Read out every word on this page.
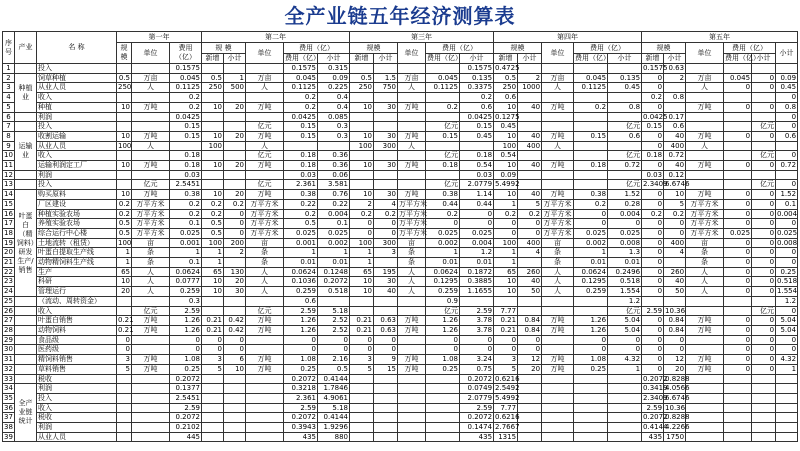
全产业链五年经济测算表
序号	产业	名 称	第一年			第二年					第三年					第四年					第五年						
			规模	单位	费用（亿）	规 模		单位	费用（亿）		规模		单位	费用（亿）		规模		单位	费用（亿）		规模		单位	费用（亿）		小计	
						新增	小计		费用（亿）	小计	新增	小计		费用（亿）	小计	新增	小计		费用（亿）	小计	新增	小计		费用（亿）	小计		
1		投入			0.1575				0.1575	0.315					0.1575	0.4725					0.1575	0.63						
2	种植业	饲草种植	0.5	万亩	0.045	0.5	1	万亩	0.045	0.09	0.5	1.5	万亩	0.045	0.135	0.5	2	万亩	0.045	0.135	0	2	万亩	0.045	0	0.09	
3		从业人员	250	人	0.1125	250	500	人	0.1125	0.225	250	750	人	0.1125	0.3375	250	1000	人	0.1125	0.45	0		人	0	0	0.45	
4		收入			0.2				0.2	0.4					0.2	0.6					0.2	0.8				0	
5		种植	10	万吨	0.2	10	20	万吨	0.2	0.4	10	30	万吨	0.2	0.6	10	40	万吨	0.2	0.8	0		万吨	0	0	0.8	
6		利润			0.0425				0.0425	0.085					0.0425	0.1275					0.0425	0.17				0	
7		投入			0.15			亿元	0.15	0.3				亿元	0.15	0.45				亿元	0.15	0.6			亿元	0	
8	运输业	收割运输	10	万吨	0.15	10	20	万吨	0.15	0.3	10	30	万吨	0.15	0.45	10	40	万吨	0.15	0.6	0	40	万吨	0	0	0.6	
9		从业人员	100	人		100		人			100	300	人			100	400	人			0	400	人				
10		收入			0.18			亿元	0.18	0.36				亿元	0.18	0.54				亿元	0.18	0.72			亿元	0	
11		运输利润定工厂	10	万吨	0.18	10	20	万吨	0.18	0.36	10	30	万吨	0.18	0.54	10	40	万吨	0.18	0.72	0	40	万吨	0	0	0.72	
12		利润			0.03				0.03	0.06					0.03	0.09					0.03	0.12					
13		投入		亿元	2.5451			亿元	2.361	3.581				亿元	2.0779	5.4992				亿元	2.3409	6.6746			亿元	0	
14	叶蛋白（精饲料）研发生产/销售	购买原料	10	万吨	0.38	10	20	万吨	0.38	0.76	10	30	万吨	0.38	1.14	10	40	万吨	0.38	1.52	0	10	万吨	0	0	1.52	
15		厂区建设	0.2	万平方米	0.2	0.2	0.2	万平方米	0.22	0.22	2	4	万平方米	0.44	0.44	1	5	万平方米	0.2	0.28	0	5	万平方米	0	0	0.1	
16		种植实验农场	0.2	万平方米	0.2	0.2	0	万平方米	0.2	0.004	0.2	0.2	万平方米	0.2	0	0.2	0.2	万平方米	0	0.004	0.2	0.2	万平方米	0	0	0.004	
17		养殖实验农场	0.5	万平方米	0.1	0.5	0	万平方米	0.5	0.1	0	0	万平方米	0	0	0	0	万平方米	0	0	0	0	万平方米	0	0	0	
18		综合运行中心楼	0.5	万平方米	0.025	0.5	0	万平方米	0.025	0.025	0	0	万平方米	0.025	0.025	0	0	万平方米	0.025	0.025	0	0	万平方米	0.025	0	0.025	
19		土地流转（租赁）	100	亩	0.001	100	200	亩	0.001	0.002	100	300	亩	0.002	0.004	100	400	亩	0.002	0.008	0	400	亩	0	0	0.008	
20		叶蛋白提取生产线	1	条	1	1	2	条	1	1	1	3	条	1	1.2	1	4	条	1	1.3	0	4	条	0	0	0	
21		动物精饲料生产线	1	条	0.1	1		条	0.01	0.01	1		条	0.01	0.01	1		条	0.01	0.01	0		条	0	0	0	
22		生产	65	人	0.0624	65	130	人	0.0624	0.1248	65	195	人	0.0624	0.1872	65	260	人	0.0624	0.2496	0	260	人	0	0	0.25	
23		科研	10	人	0.0777	10	20	人	0.1036	0.2072	10	30	人	0.1295	0.3885	10	40	人	0.1295	0.518	0	40	人	0	0	0.518	
24		管理运行	20	人	0.259	10	30	人	0.259	0.518	10	40	人	0.259	1.1655	10	50	人	0.259	1.554	0	50	人	0	0	1.554	
25		（流动、周转资金）			0.3				0.6					0.9						1.2						1.2	
26		收入		亿元	2.59			亿元	2.59	5.18				亿元	2.59	7.77				亿元	2.59	10.36			亿元	0	
27		叶蛋白销售	0.21	万吨	1.26	0.21	0.42	万吨	1.26	2.52	0.21	0.63	万吨	1.26	3.78	0.21	0.84	万吨	1.26	5.04	0	0.84	万吨	0	0	5.04	
28		动物饲料	0.21	万吨	1.26	0.21	0.42	万吨	1.26	2.52	0.21	0.63	万吨	1.26	3.78	0.21	0.84	万吨	1.26	5.04	0	0.84	万吨	0	0	5.04	
29		食品级	0		0	0	0		0	0	0	0		0	0	0	0		0	0	0	0		0	0	0	
30		医药级	0		0	0	0		0	0	0	0		0	0	0	0		0	0	0	0		0	0	0	
31		精饲料销售	3	万吨	1.08	3	6	万吨	1.08	2.16	3	9	万吨	1.08	3.24	3	12	万吨	1.08	4.32	0	12	万吨	0	0	4.32	
32		草料销售	5	万吨	0.25	5	10	万吨	0.25	0.5	5	15	万吨	0.25	0.75	5	20	万吨	0.25	1	0	20	万吨	0	0	1	
33		税收			0.2072				0.2072	0.4144					0.2072	0.6216					0.2072	0.8288					
34	全产业链统计	利润			0.1377				0.3218	1.7846					0.0749	2.5492					0.3419	4.0566					
35		投入			2.5451				2.361	4.9061					2.0779	5.4992					2.3409	6.6746					
36		收入			2.59				2.59	5.18					2.59	7.77					2.59	10.36					
37		税收			0.2072				0.2072	0.4144					0.2072	0.6216					0.2072	0.8288					
38		利润			0.2102				0.3943	1.9296					0.1474	2.7667					0.4144	4.2266					
39		从业人员			445				435	880					435	1315					435	1750					
